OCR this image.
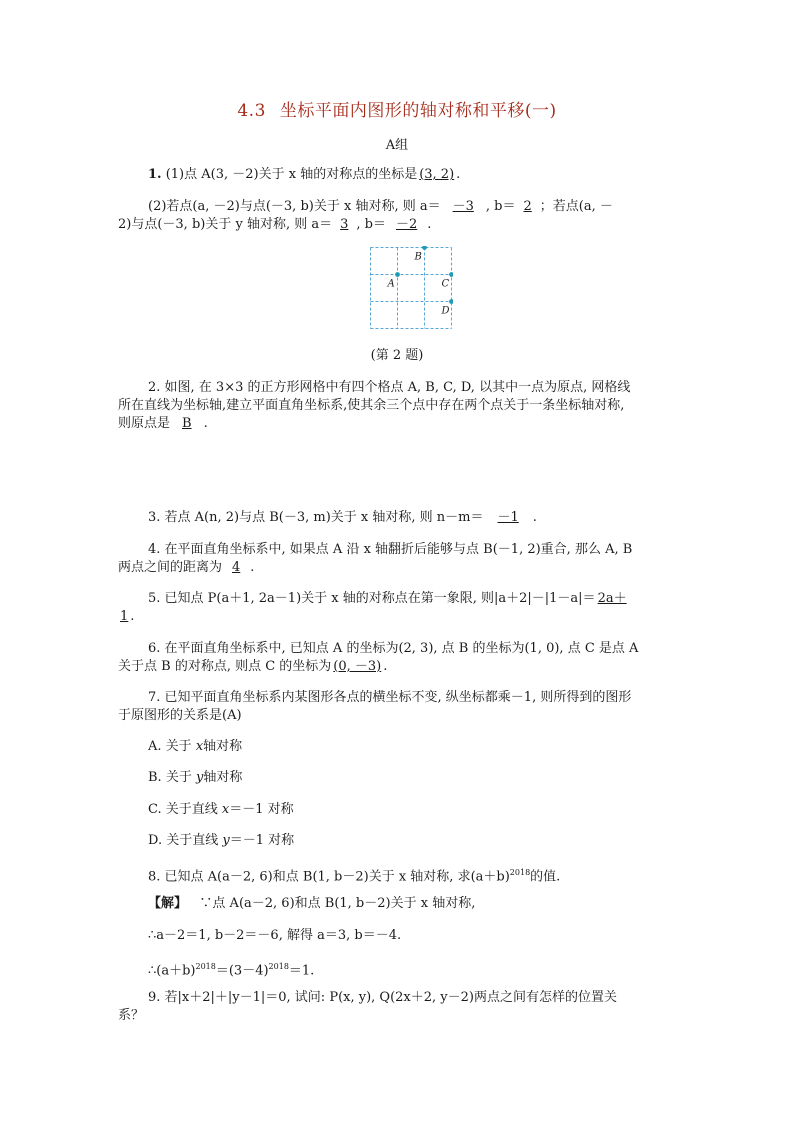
4.3 坐标平面内图形的轴对称和平移(一)
A组
1. (1)点 A(3, －2)关于 x 轴的对称点的坐标是 (3, 2) .
(2)若点(a, －2)与点(－3, b)关于 x 轴对称, 则 a＝ －3 , b＝ 2 ；若点(a, －
2)与点(－3, b)关于 y 轴对称, 则 a＝ 3 , b＝ －2 .
B
A	C
D
(第 2 题)
2. 如图, 在 3×3 的正方形网格中有四个格点 A, B, C, D, 以其中一点为原点, 网格线
所在直线为坐标轴,建立平面直角坐标系,使其余三个点中存在两个点关于一条坐标轴对称,
则原点是 B .
3. 若点 A(n, 2)与点 B(－3, m)关于 x 轴对称, 则 n－m＝ －1 .
4. 在平面直角坐标系中, 如果点 A 沿 x 轴翻折后能够与点 B(－1, 2)重合, 那么 A, B
两点之间的距离为 4 .
5. 已知点 P(a＋1, 2a－1)关于 x 轴的对称点在第一象限, 则|a＋2|－|1－a|＝ 2a＋
1 .
6. 在平面直角坐标系中, 已知点 A 的坐标为(2, 3), 点 B 的坐标为(1, 0), 点 C 是点 A
关于点 B 的对称点, 则点 C 的坐标为 (0, －3) .
7. 已知平面直角坐标系内某图形各点的横坐标不变, 纵坐标都乘－1, 则所得到的图形
于原图形的关系是(A)
A. 关于 x轴对称
B. 关于 y轴对称
C. 关于直线 x＝－1 对称
D. 关于直线 y＝－1 对称
8. 已知点 A(a－2, 6)和点 B(1, b－2)关于 x 轴对称, 求$(a+b)^{2018}$的值.
【解】 ∵点 A(a－2, 6)和点 B(1, b－2)关于 x 轴对称,
∴a－2＝1, b－2＝－6, 解得 a＝3, b＝－4.
$\therefore(a+b)^{2018}=(3-4)^{2018}=1$.
9. 若|x＋2|＋|y－1|＝0, 试问: P(x, y), Q(2x＋2, y－2)两点之间有怎样的位置关
系？
